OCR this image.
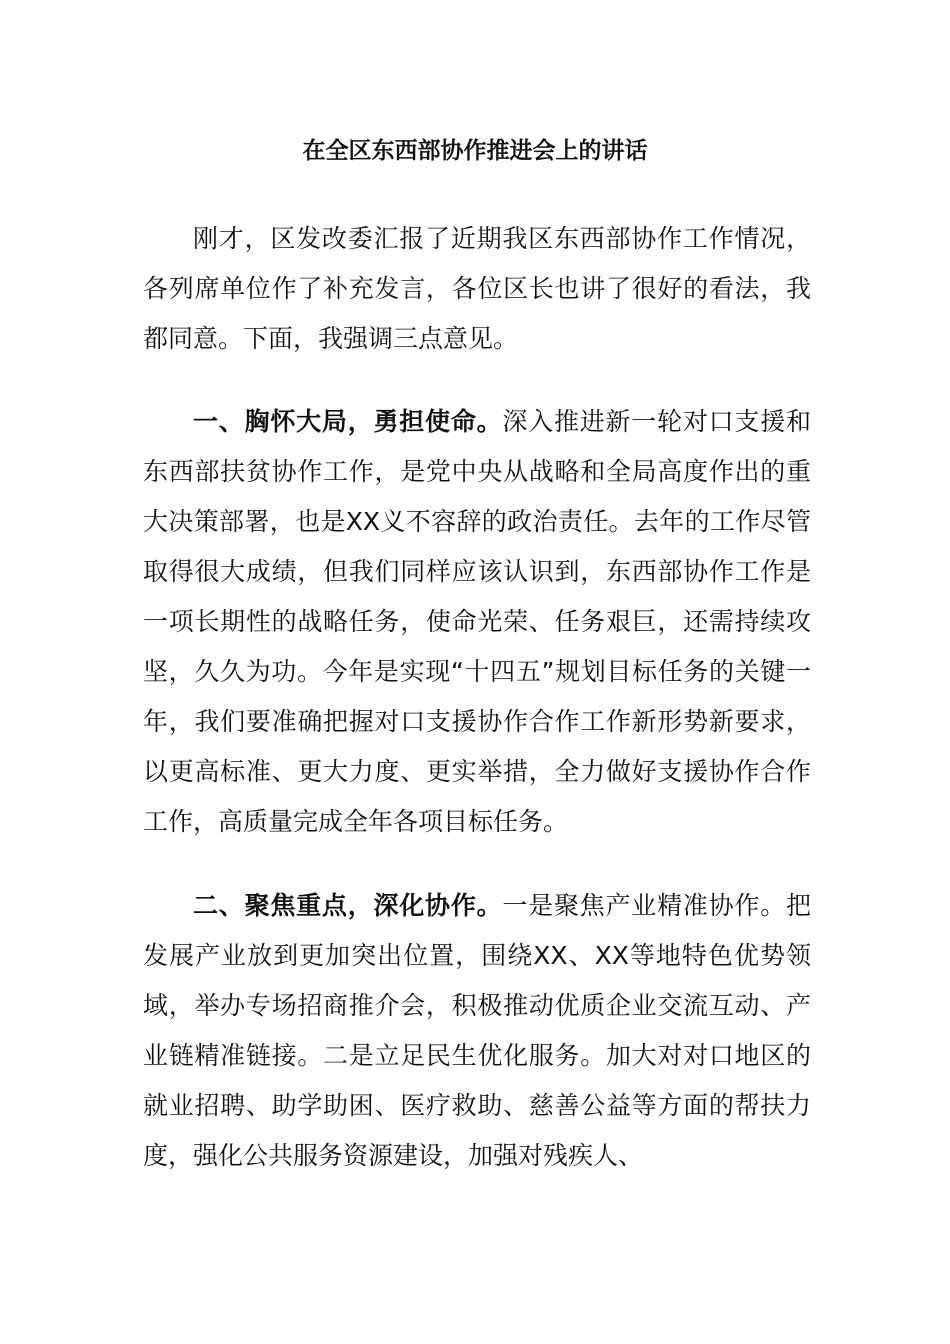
在全区东西部协作推进会上的讲话

刚才，区发改委汇报了近期我区东西部协作工作情况，各列席单位作了补充发言，各位区长也讲了很好的看法，我都同意。下面，我强调三点意见。

一、胸怀大局，勇担使命。深入推进新一轮对口支援和东西部扶贫协作工作，是党中央从战略和全局高度作出的重大决策部署，也是XX义不容辞的政治责任。去年的工作尽管取得很大成绩，但我们同样应该认识到，东西部协作工作是一项长期性的战略任务，使命光荣、任务艰巨，还需持续攻坚，久久为功。今年是实现“十四五”规划目标任务的关键一年，我们要准确把握对口支援协作合作工作新形势新要求，以更高标准、更大力度、更实举措，全力做好支援协作合作工作，高质量完成全年各项目标任务。

二、聚焦重点，深化协作。一是聚焦产业精准协作。把发展产业放到更加突出位置，围绕XX、XX等地特色优势领域，举办专场招商推介会，积极推动优质企业交流互动、产业链精准链接。二是立足民生优化服务。加大对对口地区的就业招聘、助学助困、医疗救助、慈善公益等方面的帮扶力度，强化公共服务资源建设，加强对残疾人、
